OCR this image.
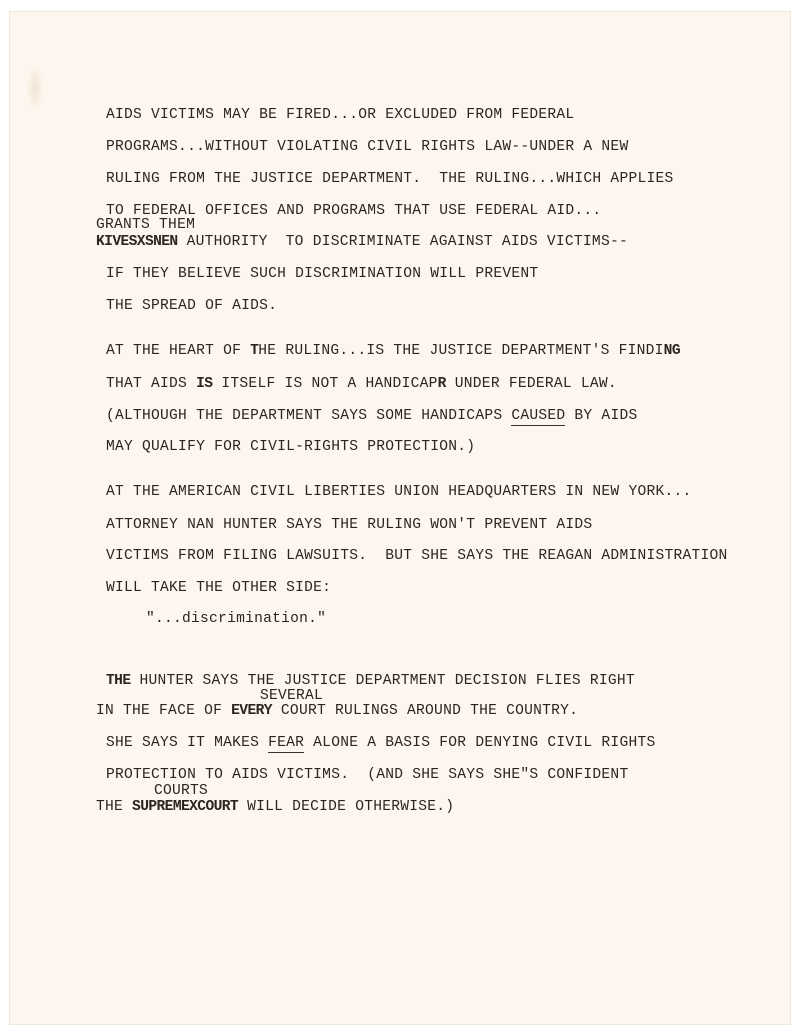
AIDS VICTIMS MAY BE FIRED...OR EXCLUDED FROM FEDERAL
PROGRAMS...WITHOUT VIOLATING CIVIL RIGHTS LAW--UNDER A NEW
RULING FROM THE JUSTICE DEPARTMENT.  THE RULING...WHICH APPLIES
TO FEDERAL OFFICES AND PROGRAMS THAT USE FEDERAL AID...
GRANTS THEM
KIVESXSNEN AUTHORITY  TO DISCRIMINATE AGAINST AIDS VICTIMS--
IF THEY BELIEVE SUCH DISCRIMINATION WILL PREVENT
THE SPREAD OF AIDS.
AT THE HEART OF THE RULING...IS THE JUSTICE DEPARTMENT'S FINDING
THAT AIDS IS ITSELF IS NOT A HANDICAPR UNDER FEDERAL LAW.
(ALTHOUGH THE DEPARTMENT SAYS SOME HANDICAPS CAUSED BY AIDS
MAY QUALIFY FOR CIVIL-RIGHTS PROTECTION.)
AT THE AMERICAN CIVIL LIBERTIES UNION HEADQUARTERS IN NEW YORK...
ATTORNEY NAN HUNTER SAYS THE RULING WON'T PREVENT AIDS
VICTIMS FROM FILING LAWSUITS.  BUT SHE SAYS THE REAGAN ADMINISTRATION
WILL TAKE THE OTHER SIDE:
"...discrimination."
THE HUNTER SAYS THE JUSTICE DEPARTMENT DECISION FLIES RIGHT
SEVERAL
IN THE FACE OF EVERY COURT RULINGS AROUND THE COUNTRY.
SHE SAYS IT MAKES FEAR ALONE A BASIS FOR DENYING CIVIL RIGHTS
PROTECTION TO AIDS VICTIMS.  (AND SHE SAYS SHE"S CONFIDENT
COURTS
THE SUPREMEXCOURT WILL DECIDE OTHERWISE.)
